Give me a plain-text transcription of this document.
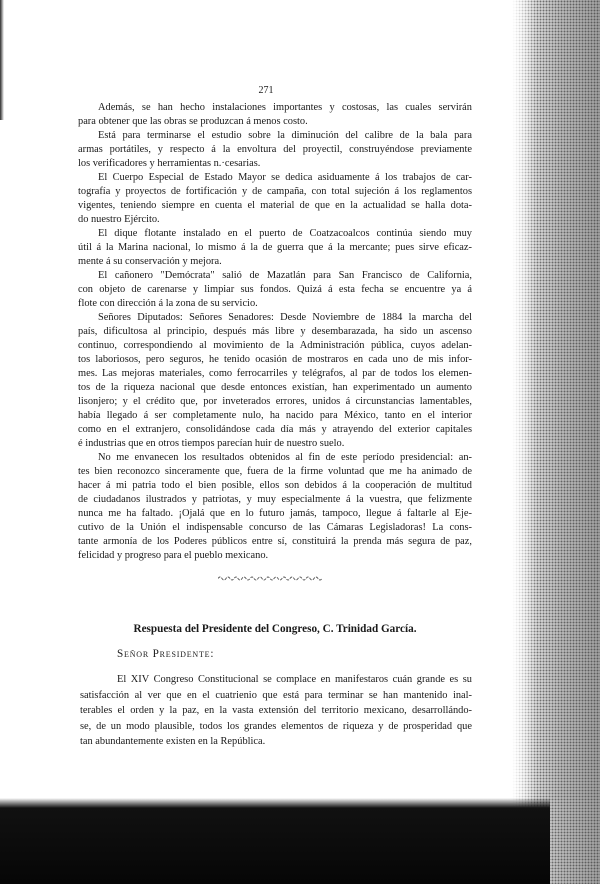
271
Además, se han hecho instalaciones importantes y costosas, las cuales servirán
para obtener que las obras se produzcan á menos costo.
Está para terminarse el estudio sobre la diminución del calibre de la bala para
armas portátiles, y respecto á la envoltura del proyectil, construyéndose previamente
los verificadores y herramientas n.·cesarias.
El Cuerpo Especial de Estado Mayor se dedica asiduamente á los trabajos de car-
tografía y proyectos de fortificación y de campaña, con total sujeción á los reglamentos
vigentes, teniendo siempre en cuenta el material de que en la actualidad se halla dota-
do nuestro Ejército.
El dique flotante instalado en el puerto de Coatzacoalcos continúa siendo muy
útil á la Marina nacional, lo mismo á la de guerra que á la mercante; pues sirve eficaz-
mente á su conservación y mejora.
El cañonero "Demócrata" salió de Mazatlán para San Francisco de California,
con objeto de carenarse y limpiar sus fondos. Quizá á esta fecha se encuentre ya á
flote con dirección á la zona de su servicio.
Señores Diputados: Señores Senadores: Desde Noviembre de 1884 la marcha del
país, dificultosa al principio, después más libre y desembarazada, ha sido un ascenso
continuo, correspondiendo al movimiento de la Administración pública, cuyos adelan-
tos laboriosos, pero seguros, he tenido ocasión de mostraros en cada uno de mis infor-
mes. Las mejoras materiales, como ferrocarriles y telégrafos, al par de todos los elemen-
tos de la riqueza nacional que desde entonces existían, han experimentado un aumento
lisonjero; y el crédito que, por inveterados errores, unidos á circunstancias lamentables,
había llegado á ser completamente nulo, ha nacido para México, tanto en el interior
como en el extranjero, consolidándose cada día más y atrayendo del exterior capitales
é industrias que en otros tiempos parecían huir de nuestro suelo.
No me envanecen los resultados obtenidos al fin de este período presidencial: an-
tes bien reconozco sinceramente que, fuera de la firme voluntad que me ha animado de
hacer á mi patria todo el bien posible, ellos son debidos á la cooperación de multitud
de ciudadanos ilustrados y patriotas, y muy especialmente á la vuestra, que felizmente
nunca me ha faltado. ¡Ojalá que en lo futuro jamás, tampoco, llegue á faltarle al Eje-
cutivo de la Unión el indispensable concurso de las Cámaras Legisladoras! La cons-
tante armonía de los Poderes públicos entre sí, constituirá la prenda más segura de paz,
felicidad y progreso para el pueblo mexicano.
Respuesta del Presidente del Congreso, C. Trinidad García.
Señor Presidente:
El XIV Congreso Constitucional se complace en manifestaros cuán grande es su
satisfacción al ver que en el cuatrienio que está para terminar se han mantenido inal-
terables el orden y la paz, en la vasta extensión del territorio mexicano, desarrollándo-
se, de un modo plausible, todos los grandes elementos de riqueza y de prosperidad que
tan abundantemente existen en la República.
